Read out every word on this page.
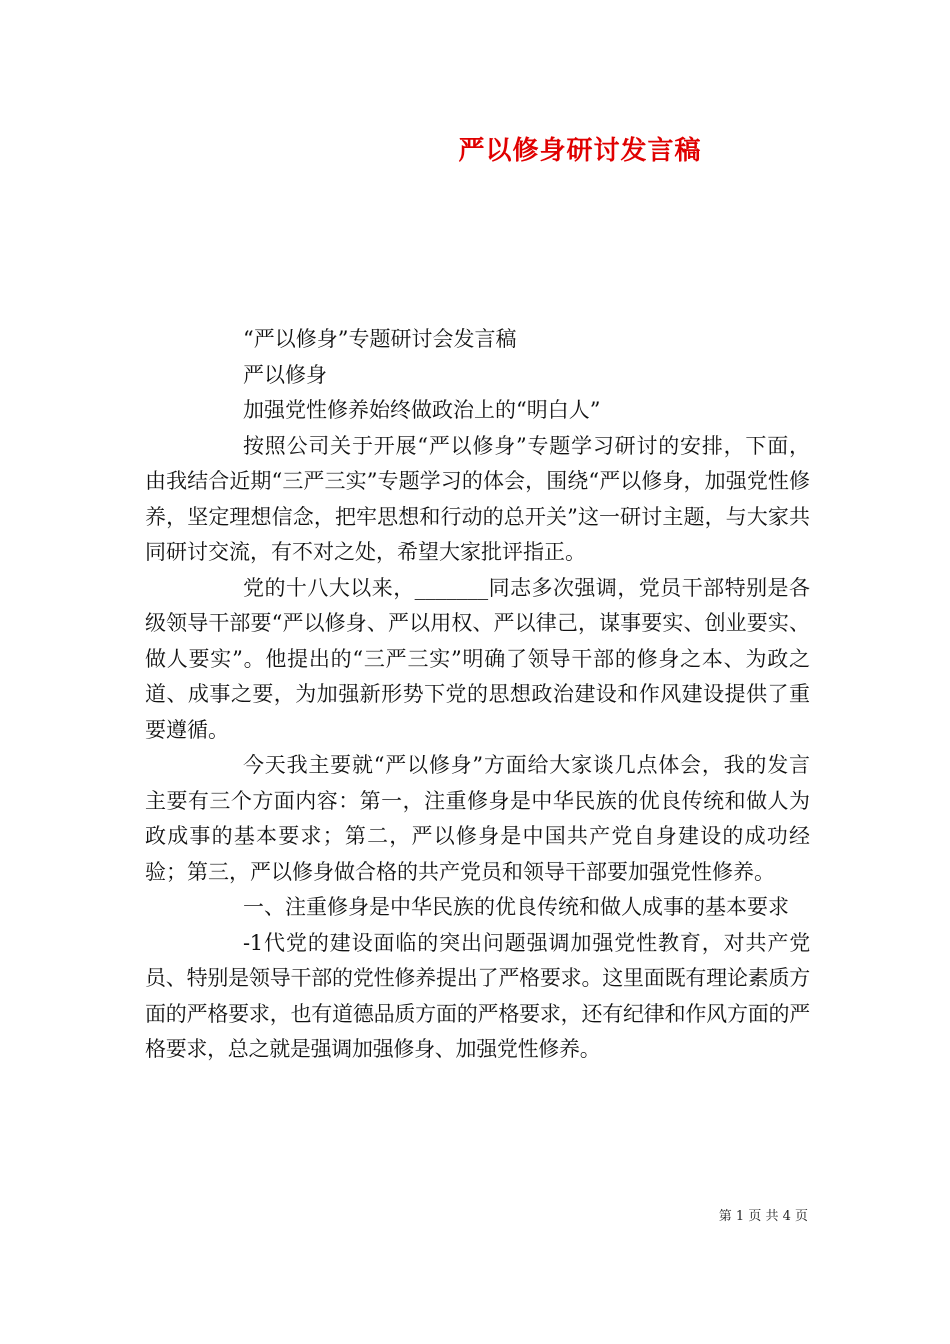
严以修身研讨发言稿

“严以修身”专题研讨会发言稿

严以修身

加强党性修养始终做政治上的“明白人”

按照公司关于开展“严以修身”专题学习研讨的安排，下面，由我结合近期“三严三实”专题学习的体会，围绕“严以修身，加强党性修养，坚定理想信念，把牢思想和行动的总开关”这一研讨主题，与大家共同研讨交流，有不对之处，希望大家批评指正。

党的十八大以来，_______同志多次强调，党员干部特别是各级领导干部要“严以修身、严以用权、严以律己，谋事要实、创业要实、做人要实”。他提出的“三严三实”明确了领导干部的修身之本、为政之道、成事之要，为加强新形势下党的思想政治建设和作风建设提供了重要遵循。

今天我主要就“严以修身”方面给大家谈几点体会，我的发言主要有三个方面内容：第一，注重修身是中华民族的优良传统和做人为政成事的基本要求；第二，严以修身是中国共产党自身建设的成功经验；第三，严以修身做合格的共产党员和领导干部要加强党性修养。

一、注重修身是中华民族的优良传统和做人成事的基本要求

-1代党的建设面临的突出问题强调加强党性教育，对共产党员、特别是领导干部的党性修养提出了严格要求。这里面既有理论素质方面的严格要求，也有道德品质方面的严格要求，还有纪律和作风方面的严格要求，总之就是强调加强修身、加强党性修养。

第 1 页 共 4 页
